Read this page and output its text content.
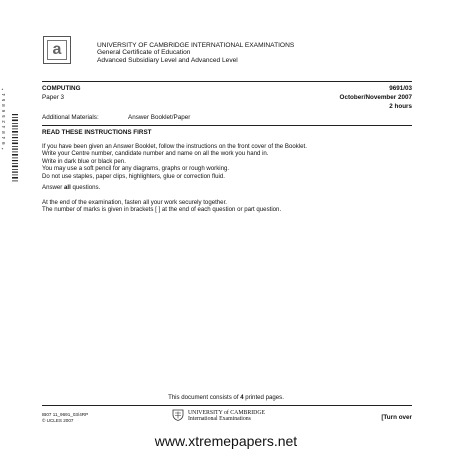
a	UNIVERSITY OF CAMBRIDGE INTERNATIONAL EXAMINATIONS
General Certificate of Education
Advanced Subsidiary Level and Advanced Level
COMPUTING	9691/03
Paper 3	October/November 2007
2 hours
Additional Materials:	Answer Booklet/Paper
* 9 4 8 4 2 5 6 8 5 4 *	READ THESE INSTRUCTIONS FIRST
If you have been given an Answer Booklet, follow the instructions on the front cover of the Booklet.
Write your Centre number, candidate number and name on all the work you hand in.
Write in dark blue or black pen.
You may use a soft pencil for any diagrams, graphs or rough working.
Do not use staples, paper clips, highlighters, glue or correction fluid.
Answer all questions.
At the end of the examination, fasten all your work securely together.
The number of marks is given in brackets [ ] at the end of each question or part question.
This document consists of 4 printed pages.
IB07 11_9691_03/4RP
© UCLES 2007
UNIVERSITY of CAMBRIDGE
International Examinations	[Turn over
www.xtremepapers.net
